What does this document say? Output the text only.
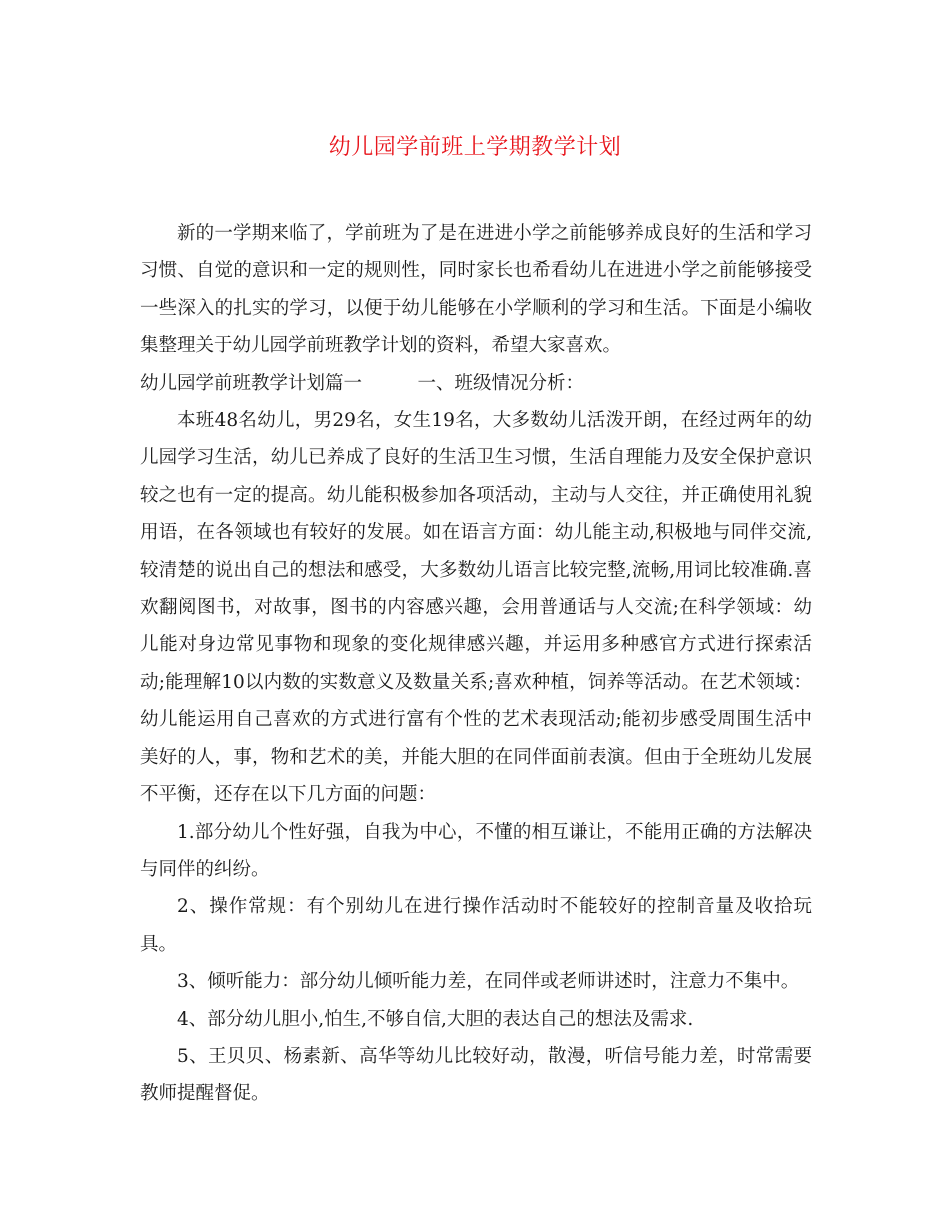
幼儿园学前班上学期教学计划

新的一学期来临了，学前班为了是在进进小学之前能够养成良好的生活和学习习惯、自觉的意识和一定的规则性，同时家长也希看幼儿在进进小学之前能够接受一些深入的扎实的学习，以便于幼儿能够在小学顺利的学习和生活。下面是小编收集整理关于幼儿园学前班教学计划的资料，希望大家喜欢。

幼儿园学前班教学计划篇一　　　一、班级情况分析：

本班48名幼儿，男29名，女生19名，大多数幼儿活泼开朗，在经过两年的幼儿园学习生活，幼儿已养成了良好的生活卫生习惯，生活自理能力及安全保护意识较之也有一定的提高。幼儿能积极参加各项活动，主动与人交往，并正确使用礼貌用语，在各领域也有较好的发展。如在语言方面：幼儿能主动,积极地与同伴交流,较清楚的说出自己的想法和感受，大多数幼儿语言比较完整,流畅,用词比较准确.喜欢翻阅图书，对故事，图书的内容感兴趣，会用普通话与人交流;在科学领域：幼儿能对身边常见事物和现象的变化规律感兴趣，并运用多种感官方式进行探索活动;能理解10以内数的实数意义及数量关系;喜欢种植，饲养等活动。在艺术领域：幼儿能运用自己喜欢的方式进行富有个性的艺术表现活动;能初步感受周围生活中美好的人，事，物和艺术的美，并能大胆的在同伴面前表演。但由于全班幼儿发展不平衡，还存在以下几方面的问题：

1.部分幼儿个性好强，自我为中心，不懂的相互谦让，不能用正确的方法解决与同伴的纠纷。

2、操作常规：有个别幼儿在进行操作活动时不能较好的控制音量及收拾玩具。

3、倾听能力：部分幼儿倾听能力差，在同伴或老师讲述时，注意力不集中。

4、部分幼儿胆小,怕生,不够自信,大胆的表达自己的想法及需求.

5、王贝贝、杨素新、高华等幼儿比较好动，散漫，听信号能力差，时常需要教师提醒督促。
